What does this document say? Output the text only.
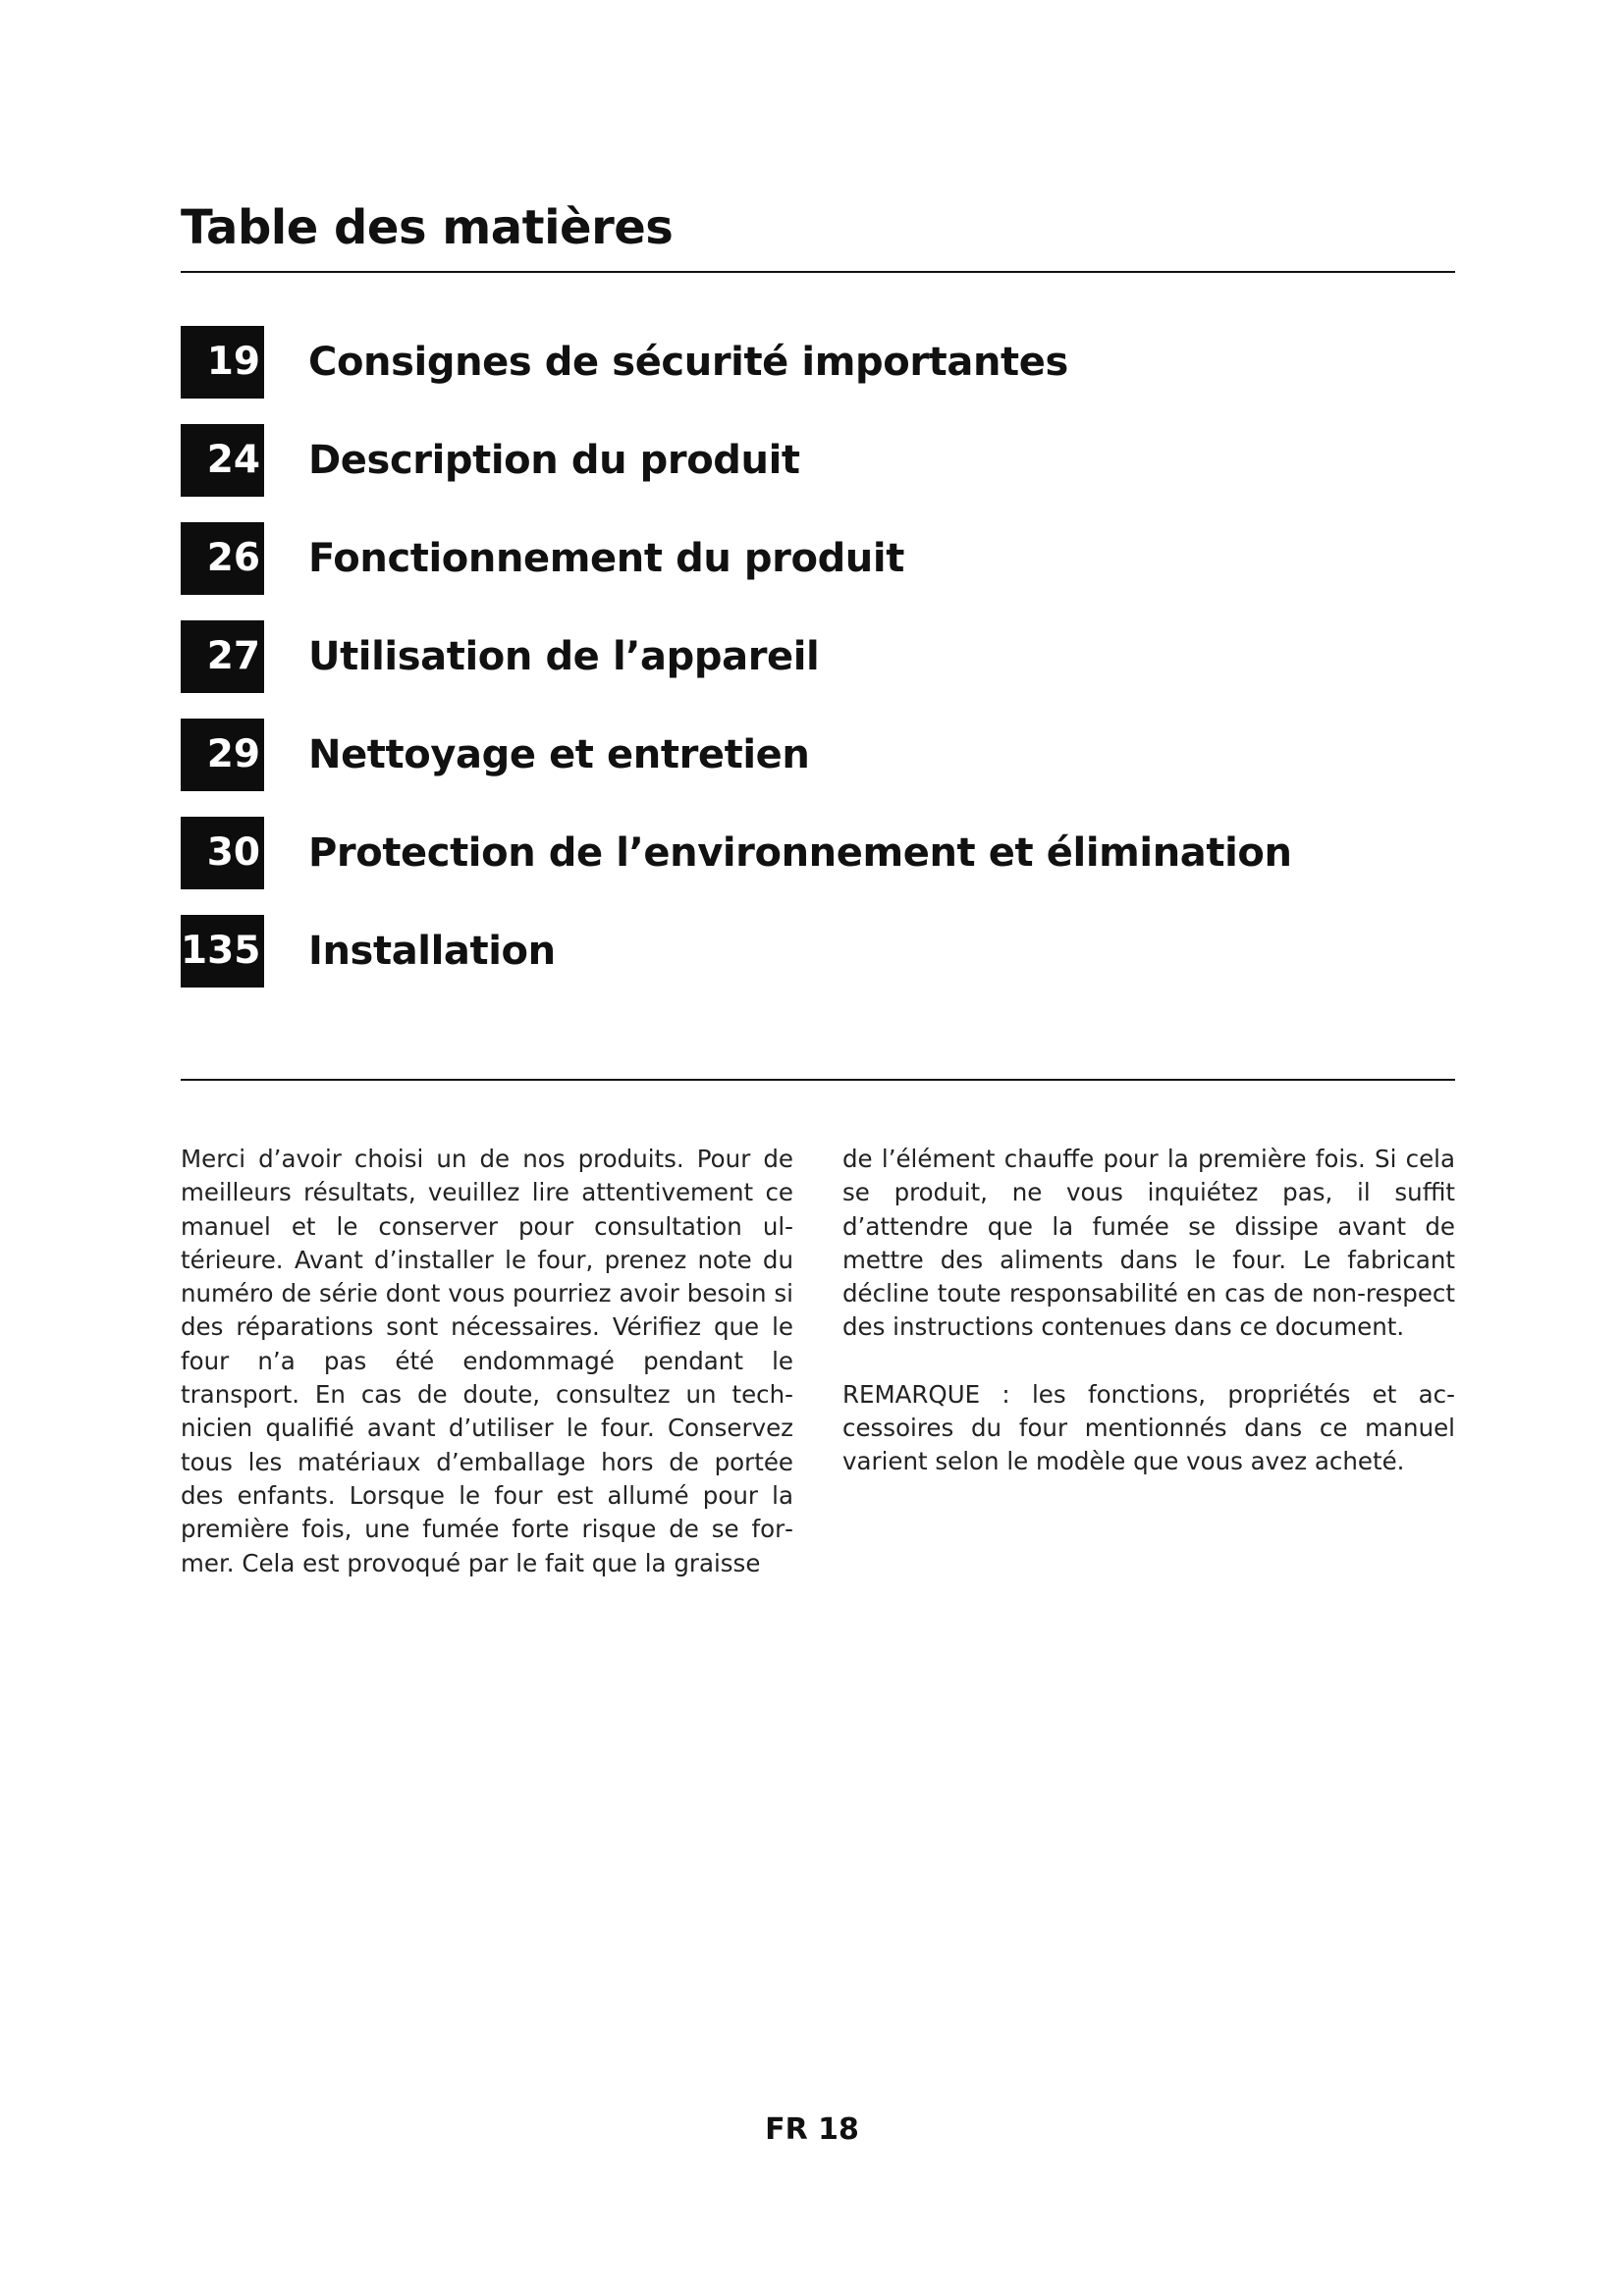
Table des matières
19 Consignes de sécurité importantes
24 Description du produit
26 Fonctionnement du produit
27 Utilisation de l’appareil
29 Nettoyage et entretien
30 Protection de l’environnement et élimination
135 Installation

Merci d’avoir choisi un de nos produits. Pour de meilleurs résultats, veuillez lire attentivement ce manuel et le conserver pour consultation ultérieure. Avant d’installer le four, prenez note du numéro de série dont vous pourriez avoir besoin si des réparations sont nécessaires. Vérifiez que le four n’a pas été endommagé pendant le transport. En cas de doute, consultez un technicien qualifié avant d’utiliser le four. Conservez tous les matériaux d’emballage hors de portée des enfants. Lorsque le four est allumé pour la première fois, une fumée forte risque de se former. Cela est provoqué par le fait que la graisse

de l’élément chauffe pour la première fois. Si cela se produit, ne vous inquiétez pas, il suffit d’attendre que la fumée se dissipe avant de mettre des aliments dans le four. Le fabricant décline toute responsabilité en cas de non-respect des instructions contenues dans ce document.

REMARQUE : les fonctions, propriétés et accessoires du four mentionnés dans ce manuel varient selon le modèle que vous avez acheté.

FR 18
